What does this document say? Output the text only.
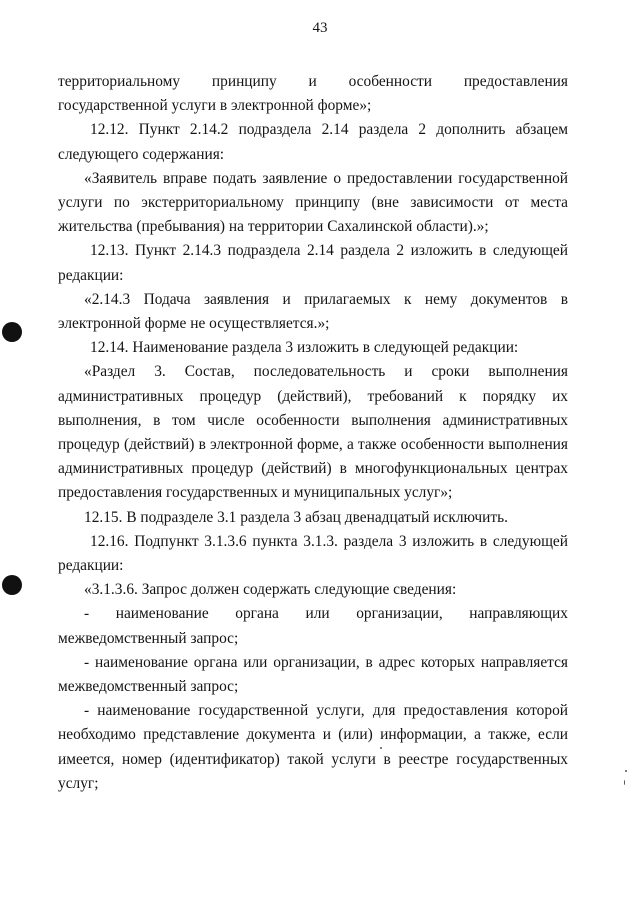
43

территориальному принципу и особенности предоставления государственной услуги в электронной форме»;

12.12. Пункт 2.14.2 подраздела 2.14 раздела 2 дополнить абзацем следующего содержания:

«Заявитель вправе подать заявление о предоставлении государственной услуги по экстерриториальному принципу (вне зависимости от места жительства (пребывания) на территории Сахалинской области).»;

12.13. Пункт 2.14.3 подраздела 2.14 раздела 2 изложить в следующей редакции:

«2.14.3 Подача заявления и прилагаемых к нему документов в электронной форме не осуществляется.»;

12.14. Наименование раздела 3 изложить в следующей редакции:

«Раздел 3. Состав, последовательность и сроки выполнения административных процедур (действий), требований к порядку их выполнения, в том числе особенности выполнения административных процедур (действий) в электронной форме, а также особенности выполнения административных процедур (действий) в многофункциональных центрах предоставления государственных и муниципальных услуг»;

12.15. В подразделе 3.1 раздела 3 абзац двенадцатый исключить.

12.16. Подпункт 3.1.3.6 пункта 3.1.3. раздела 3 изложить в следующей редакции:

«3.1.3.6. Запрос должен содержать следующие сведения:

- наименование органа или организации, направляющих межведомственный запрос;

- наименование органа или организации, в адрес которых направляется межведомственный запрос;

- наименование государственной услуги, для предоставления которой необходимо представление документа и (или) информации, а также, если имеется, номер (идентификатор) такой услуги в реестре государственных услуг;
